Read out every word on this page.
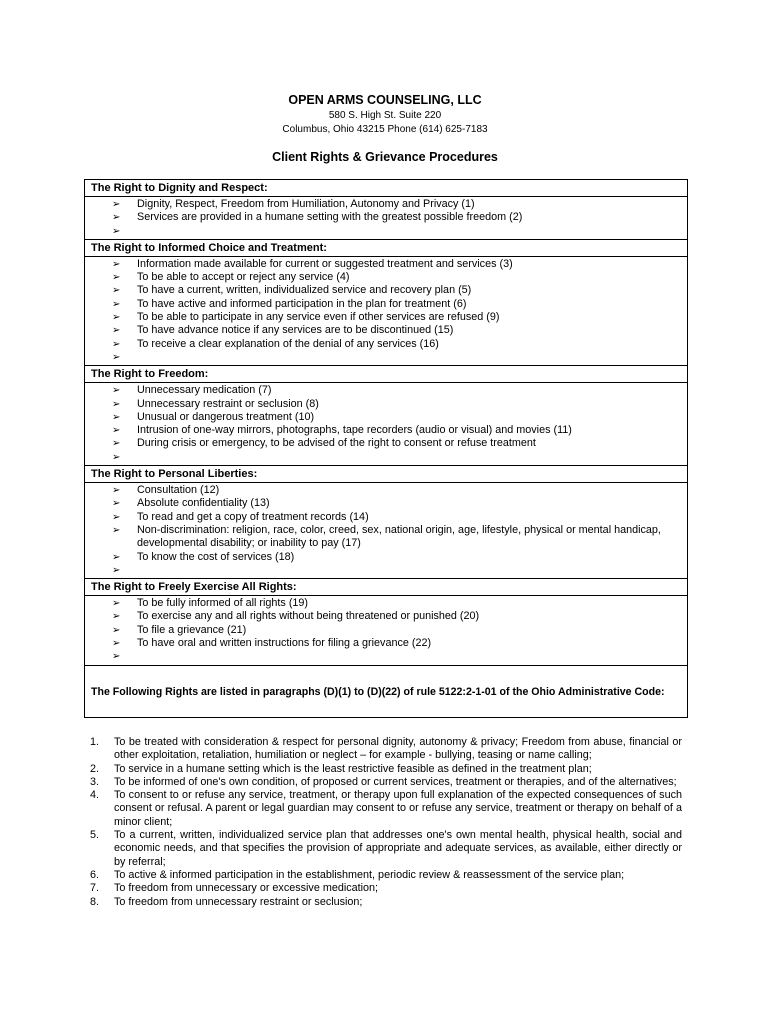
OPEN ARMS COUNSELING, LLC
580 S. High St. Suite 220
Columbus, Ohio 43215 Phone (614) 625-7183
Client Rights & Grievance Procedures
The Right to Dignity and Respect:
➢ Dignity, Respect, Freedom from Humiliation, Autonomy and Privacy (1)
➢ Services are provided in a humane setting with the greatest possible freedom (2)
➢
The Right to Informed Choice and Treatment:
➢ Information made available for current or suggested treatment and services (3)
➢ To be able to accept or reject any service (4)
➢ To have a current, written, individualized service and recovery plan (5)
➢ To have active and informed participation in the plan for treatment (6)
➢ To be able to participate in any service even if other services are refused (9)
➢ To have advance notice if any services are to be discontinued (15)
➢ To receive a clear explanation of the denial of any services (16)
➢
The Right to Freedom:
➢ Unnecessary medication (7)
➢ Unnecessary restraint or seclusion (8)
➢ Unusual or dangerous treatment (10)
➢ Intrusion of one-way mirrors, photographs, tape recorders (audio or visual) and movies (11)
➢ During crisis or emergency, to be advised of the right to consent or refuse treatment
➢
The Right to Personal Liberties:
➢ Consultation (12)
➢ Absolute confidentiality (13)
➢ To read and get a copy of treatment records (14)
➢ Non-discrimination: religion, race, color, creed, sex, national origin, age, lifestyle, physical or mental handicap, developmental disability; or inability to pay (17)
➢ To know the cost of services (18)
➢
The Right to Freely Exercise All Rights:
➢ To be fully informed of all rights (19)
➢ To exercise any and all rights without being threatened or punished (20)
➢ To file a grievance (21)
➢ To have oral and written instructions for filing a grievance (22)
➢
The Following Rights are listed in paragraphs (D)(1) to (D)(22) of rule 5122:2-1-01 of the Ohio Administrative Code:
1. To be treated with consideration & respect for personal dignity, autonomy & privacy; Freedom from abuse, financial or other exploitation, retaliation, humiliation or neglect – for example - bullying, teasing or name calling;
2. To service in a humane setting which is the least restrictive feasible as defined in the treatment plan;
3. To be informed of one's own condition, of proposed or current services, treatment or therapies, and of the alternatives;
4. To consent to or refuse any service, treatment, or therapy upon full explanation of the expected consequences of such consent or refusal. A parent or legal guardian may consent to or refuse any service, treatment or therapy on behalf of a minor client;
5. To a current, written, individualized service plan that addresses one's own mental health, physical health, social and economic needs, and that specifies the provision of appropriate and adequate services, as available, either directly or by referral;
6. To active & informed participation in the establishment, periodic review & reassessment of the service plan;
7. To freedom from unnecessary or excessive medication;
8. To freedom from unnecessary restraint or seclusion;
